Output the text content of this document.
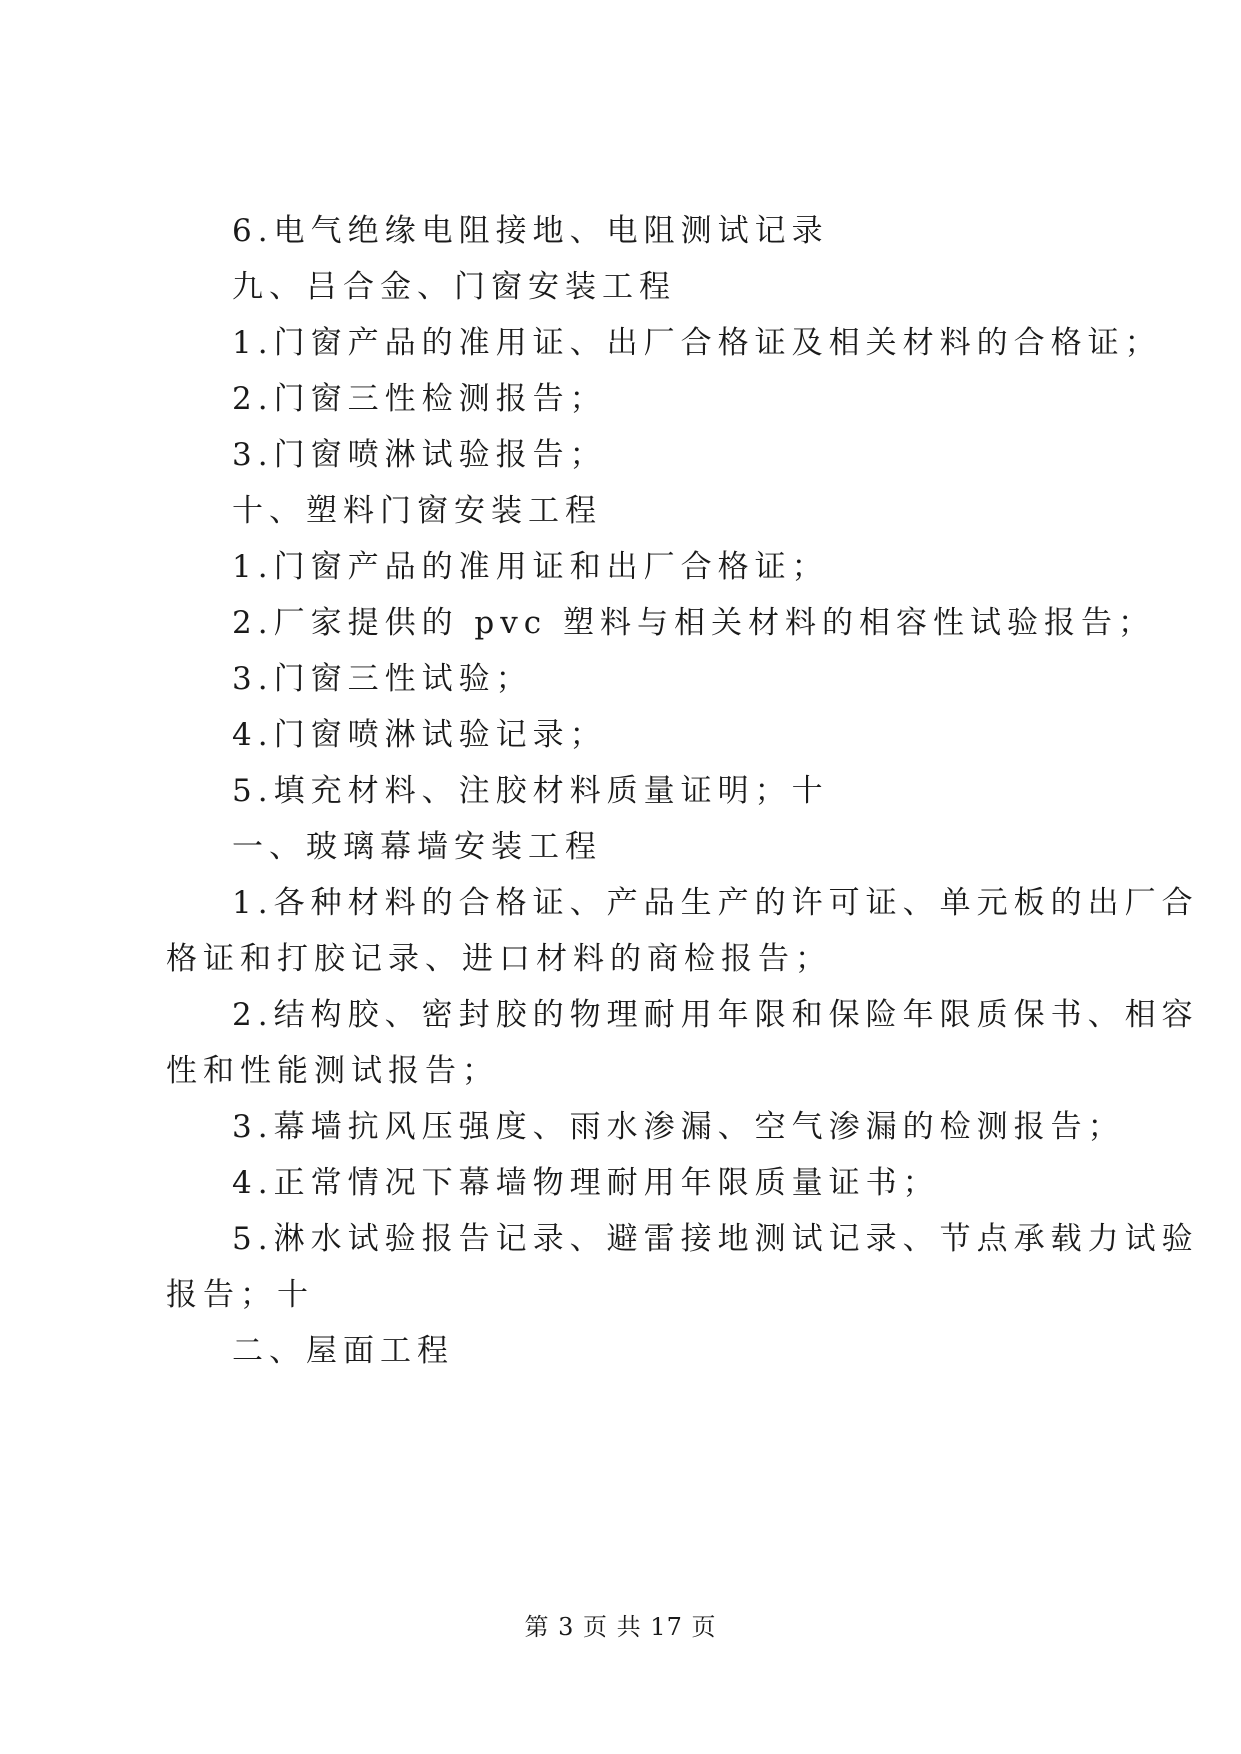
6.电气绝缘电阻接地、电阻测试记录
九、吕合金、门窗安装工程
1.门窗产品的准用证、出厂合格证及相关材料的合格证；
2.门窗三性检测报告；
3.门窗喷淋试验报告；
十、塑料门窗安装工程
1.门窗产品的准用证和出厂合格证；
2.厂家提供的 pvc 塑料与相关材料的相容性试验报告；
3.门窗三性试验；
4.门窗喷淋试验记录；
5.填充材料、注胶材料质量证明；十
一、玻璃幕墙安装工程
1.各种材料的合格证、产品生产的许可证、单元板的出厂合
格证和打胶记录、进口材料的商检报告；
2.结构胶、密封胶的物理耐用年限和保险年限质保书、相容
性和性能测试报告；
3.幕墙抗风压强度、雨水渗漏、空气渗漏的检测报告；
4.正常情况下幕墙物理耐用年限质量证书；
5.淋水试验报告记录、避雷接地测试记录、节点承载力试验
报告；十
二、屋面工程
第 3 页 共 17 页
